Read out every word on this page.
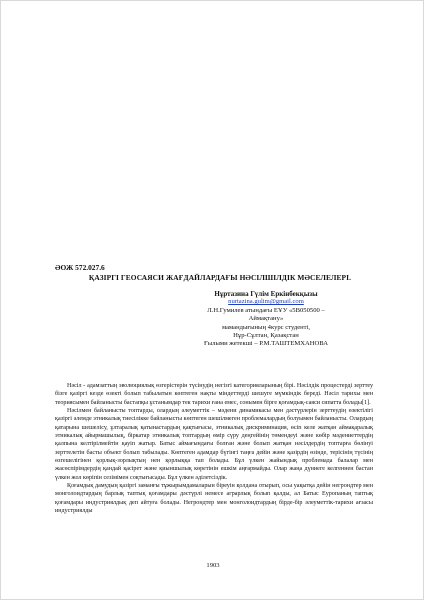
ӘОЖ 572.027.6
ҚАЗІРГІ ГЕОСАЯСИ ЖАҒДАЙЛАРДАҒЫ НӘСІЛШІЛДІК МӘСЕЛЕЛЕРІ.
Нұртазина Гүлім Еркінбекқызы
nurtazina.gulim@gmail.com
Л.Н.Гумилев атындағы ЕҰУ «5В050500 – Аймақтану»
мамандығының 4курс студенті,
Нұр-Сұлтан, Қазақстан
Ғылыми жетекші – Р.М.ТАШТЕМХАНОВА

Нәсіл - адамзаттың эволюциялық өзгерістерін түсінудің негізгі категорияларының бірі. Нәсілдік процестерді зерттеу бізге қазіргі кезде өзекті болып табылатын көптеген нақты міндеттерді шешуге мүмкіндік береді. Нәсіл тарихы мен теориясымен байланысты бастапқы ұстанымдар тек тарихи ғана емес, сонымен бірге қоғамдық-саяси сипатта болады[1].

Нәсілмен байланысты топтарды, олардың әлеуметтік – мәдени динамикасы мен дәстүрлерін зерттеудің өзектілігі қазіргі әлемде этникалық тиесілікке байланысты көптеген шешілмеген проблемалардың болуымен байланысты. Олардың қатарына шешелісу, ұлтаралық қатынастардың қақтығысы, этникалық дискриминация, өсіп келе жатқан аймақаралық этникалық айырмашылық, біркатар этникалық топтардың өмір сүру деңгейінің төмендеуі және көбір мәдениеттердің қалпына келтірілмейтін қауіп жатыр. Батыс аймағындағы болған және болып жатқан нәсілдердің топтарға бөлінуі зерттелетін басты объект болып табылады. Көптеген адамдар бүгінгі таңға дейін және қазірдің өзінде, терісінің түсінің өзгешелігінен қорлық-зорлықтың нен қорлыққа тап болады. Бұл үлкен жайындық проблемада балалар мен жасөспірімдердің қандай қасірет және қиыншылық көретінін ешкім аңғармайды. Олар жаңа дүниеге келгеннен бастан үлкен жол көріпін сезімімен соқтығысады. Бұл үлкен әділетсіздік.

Қоғамдық дамудың қазіргі заманғы тұжырымдамаларын біреуін қолдана отырып, осы уақытқа дейін негрондтер мен монголоидтардың барлық таптық қоғамдары дәстүрлі немесе аграрлық болып қалды, ал Батыс Еуропаның таптық қоғамдары индустриялдық деп айтуға болады. Негрондтер мен монголоидтардың бірде-бір әлеуметтік-тарихи ағзасы индустриялды

1903
